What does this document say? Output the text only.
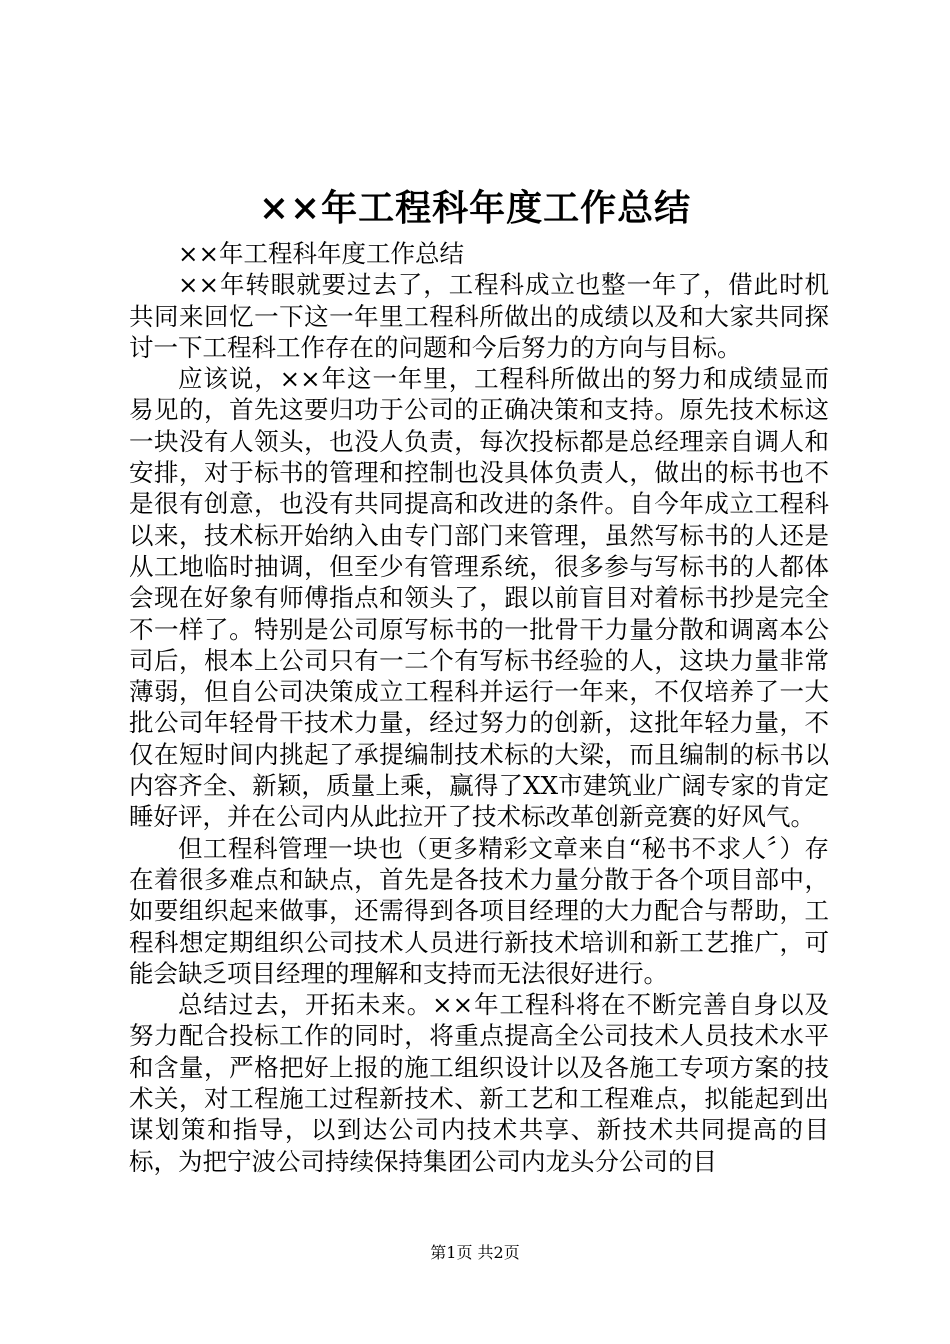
××年工程科年度工作总结

××年工程科年度工作总结

××年转眼就要过去了，工程科成立也整一年了，借此时机共同来回忆一下这一年里工程科所做出的成绩以及和大家共同探讨一下工程科工作存在的问题和今后努力的方向与目标。

应该说，××年这一年里，工程科所做出的努力和成绩显而易见的，首先这要归功于公司的正确决策和支持。原先技术标这一块没有人领头，也没人负责，每次投标都是总经理亲自调人和安排，对于标书的管理和控制也没具体负责人，做出的标书也不是很有创意，也没有共同提高和改进的条件。自今年成立工程科以来，技术标开始纳入由专门部门来管理，虽然写标书的人还是从工地临时抽调，但至少有管理系统，很多参与写标书的人都体会现在好象有师傅指点和领头了，跟以前盲目对着标书抄是完全不一样了。特别是公司原写标书的一批骨干力量分散和调离本公司后，根本上公司只有一二个有写标书经验的人，这块力量非常薄弱，但自公司决策成立工程科并运行一年来，不仅培养了一大批公司年轻骨干技术力量，经过努力的创新，这批年轻力量，不仅在短时间内挑起了承提编制技术标的大梁，而且编制的标书以内容齐全、新颖，质量上乘，赢得了XX市建筑业广阔专家的肯定睡好评，并在公司内从此拉开了技术标改革创新竞赛的好风气。

但工程科管理一块也（更多精彩文章来自“秘书不求人〞）存在着很多难点和缺点，首先是各技术力量分散于各个项目部中，如要组织起来做事，还需得到各项目经理的大力配合与帮助，工程科想定期组织公司技术人员进行新技术培训和新工艺推广，可能会缺乏项目经理的理解和支持而无法很好进行。

总结过去，开拓未来。××年工程科将在不断完善自身以及努力配合投标工作的同时，将重点提高全公司技术人员技术水平和含量，严格把好上报的施工组织设计以及各施工专项方案的技术关，对工程施工过程新技术、新工艺和工程难点，拟能起到出谋划策和指导，以到达公司内技术共享、新技术共同提高的目标，为把宁波公司持续保持集团公司内龙头分公司的目

第1页 共2页
